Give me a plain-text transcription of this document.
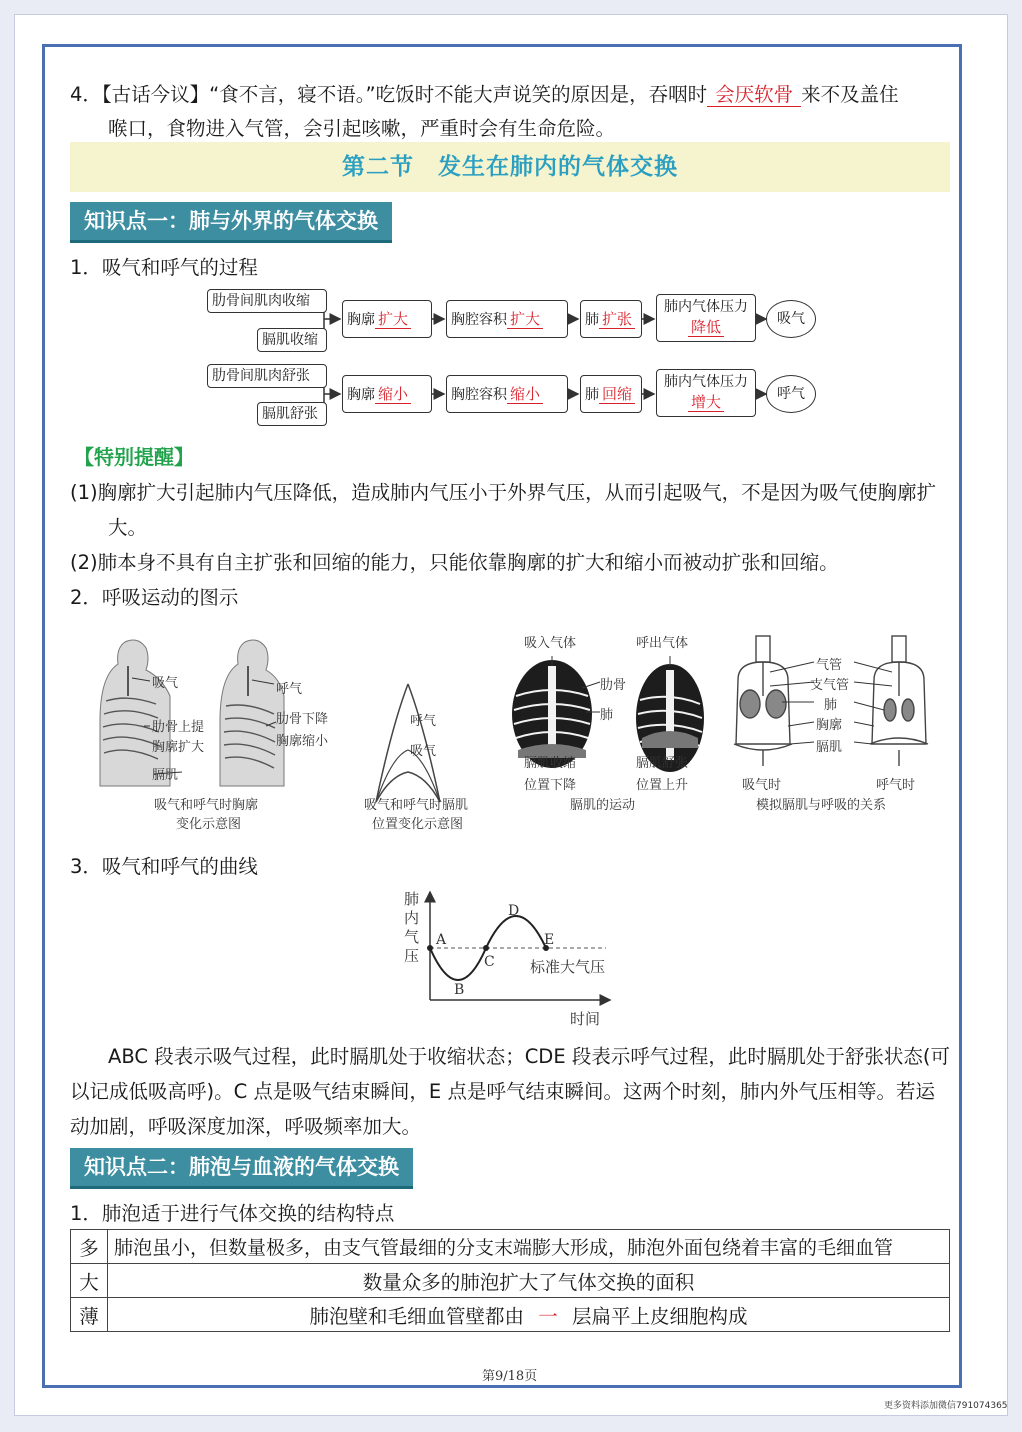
4．【古话今议】“食不言，寝不语。”吃饭时不能大声说笑的原因是，吞咽时 会厌软骨 来不及盖住
喉口，食物进入气管，会引起咳嗽，严重时会有生命危险。
第二节　发生在肺内的气体交换
知识点一：肺与外界的气体交换
1．吸气和呼气的过程
肋骨间肌肉收缩
膈肌收缩
胸廓 扩大	胸腔容积 扩大	肺 扩张
肺内气体压力
降低	吸气
肋骨间肌肉舒张
膈肌舒张
胸廓 缩小	胸腔容积 缩小	肺 回缩
肺内气体压力
增大	呼气
【特别提醒】
(1)胸廓扩大引起肺内气压降低，造成肺内气压小于外界气压，从而引起吸气，不是因为吸气使胸廓扩
大。
(2)肺本身不具有自主扩张和回缩的能力，只能依靠胸廓的扩大和缩小而被动扩张和回缩。
2．呼吸运动的图示
吸气	呼气
肋骨上提
胸廓扩大
肋骨下降
胸廓缩小
膈肌
吸气和呼气时胸廓
变化示意图
呼气
吸气
吸气和呼气时膈肌
位置变化示意图
吸入气体	呼出气体
肋骨
肺
膈肌收缩
位置下降
膈肌舒张
位置上升
膈肌的运动
气管
支气管
肺
胸廓
膈肌
吸气时	呼气时
模拟膈肌与呼吸的关系
3．吸气和呼气的曲线
肺
内
气
压
A
B
C
D
E
标准大气压
时间
ABC 段表示吸气过程，此时膈肌处于收缩状态；CDE 段表示呼气过程，此时膈肌处于舒张状态(可
以记成低吸高呼)。C 点是吸气结束瞬间，E 点是呼气结束瞬间。这两个时刻，肺内外气压相等。若运
动加剧，呼吸深度加深，呼吸频率加大。
知识点二：肺泡与血液的气体交换
1．肺泡适于进行气体交换的结构特点
多	肺泡虽小，但数量极多，由支气管最细的分支末端膨大形成，肺泡外面包绕着丰富的毛细血管
大	数量众多的肺泡扩大了气体交换的面积
薄	肺泡壁和毛细血管壁都由 一 层扁平上皮细胞构成
第9/18页
更多资料添加微信791074365
